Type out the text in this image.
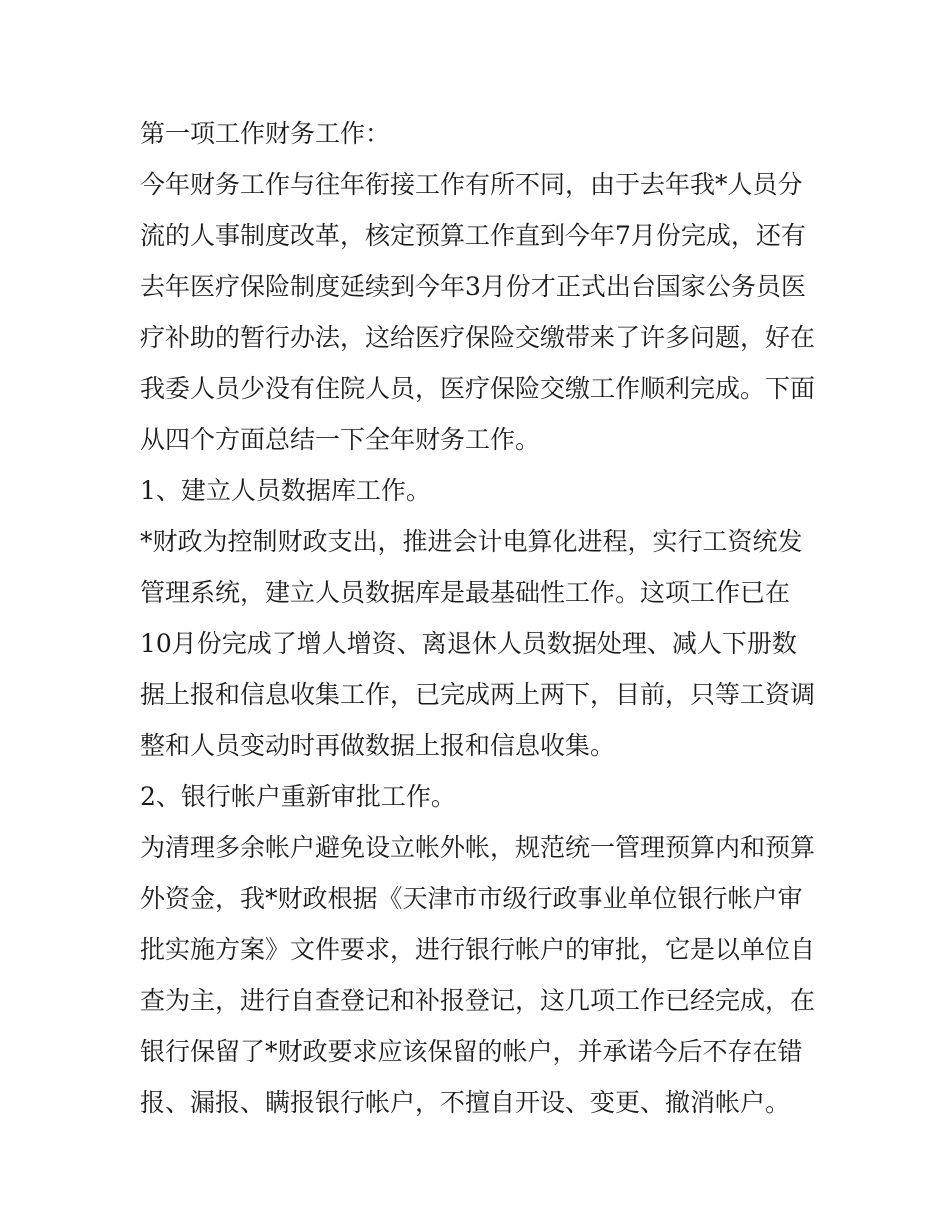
第一项工作财务工作：
今年财务工作与往年衔接工作有所不同，由于去年我*人员分
流的人事制度改革，核定预算工作直到今年7月份完成，还有
去年医疗保险制度延续到今年3月份才正式出台国家公务员医
疗补助的暂行办法，这给医疗保险交缴带来了许多问题，好在
我委人员少没有住院人员，医疗保险交缴工作顺利完成。下面
从四个方面总结一下全年财务工作。
1、建立人员数据库工作。
*财政为控制财政支出，推进会计电算化进程，实行工资统发
管理系统，建立人员数据库是最基础性工作。这项工作已在
10月份完成了增人增资、离退休人员数据处理、减人下册数
据上报和信息收集工作，已完成两上两下，目前，只等工资调
整和人员变动时再做数据上报和信息收集。
2、银行帐户重新审批工作。
为清理多余帐户避免设立帐外帐，规范统一管理预算内和预算
外资金，我*财政根据《天津市市级行政事业单位银行帐户审
批实施方案》文件要求，进行银行帐户的审批，它是以单位自
查为主，进行自查登记和补报登记，这几项工作已经完成，在
银行保留了*财政要求应该保留的帐户，并承诺今后不存在错
报、漏报、瞒报银行帐户，不擅自开设、变更、撤消帐户。
